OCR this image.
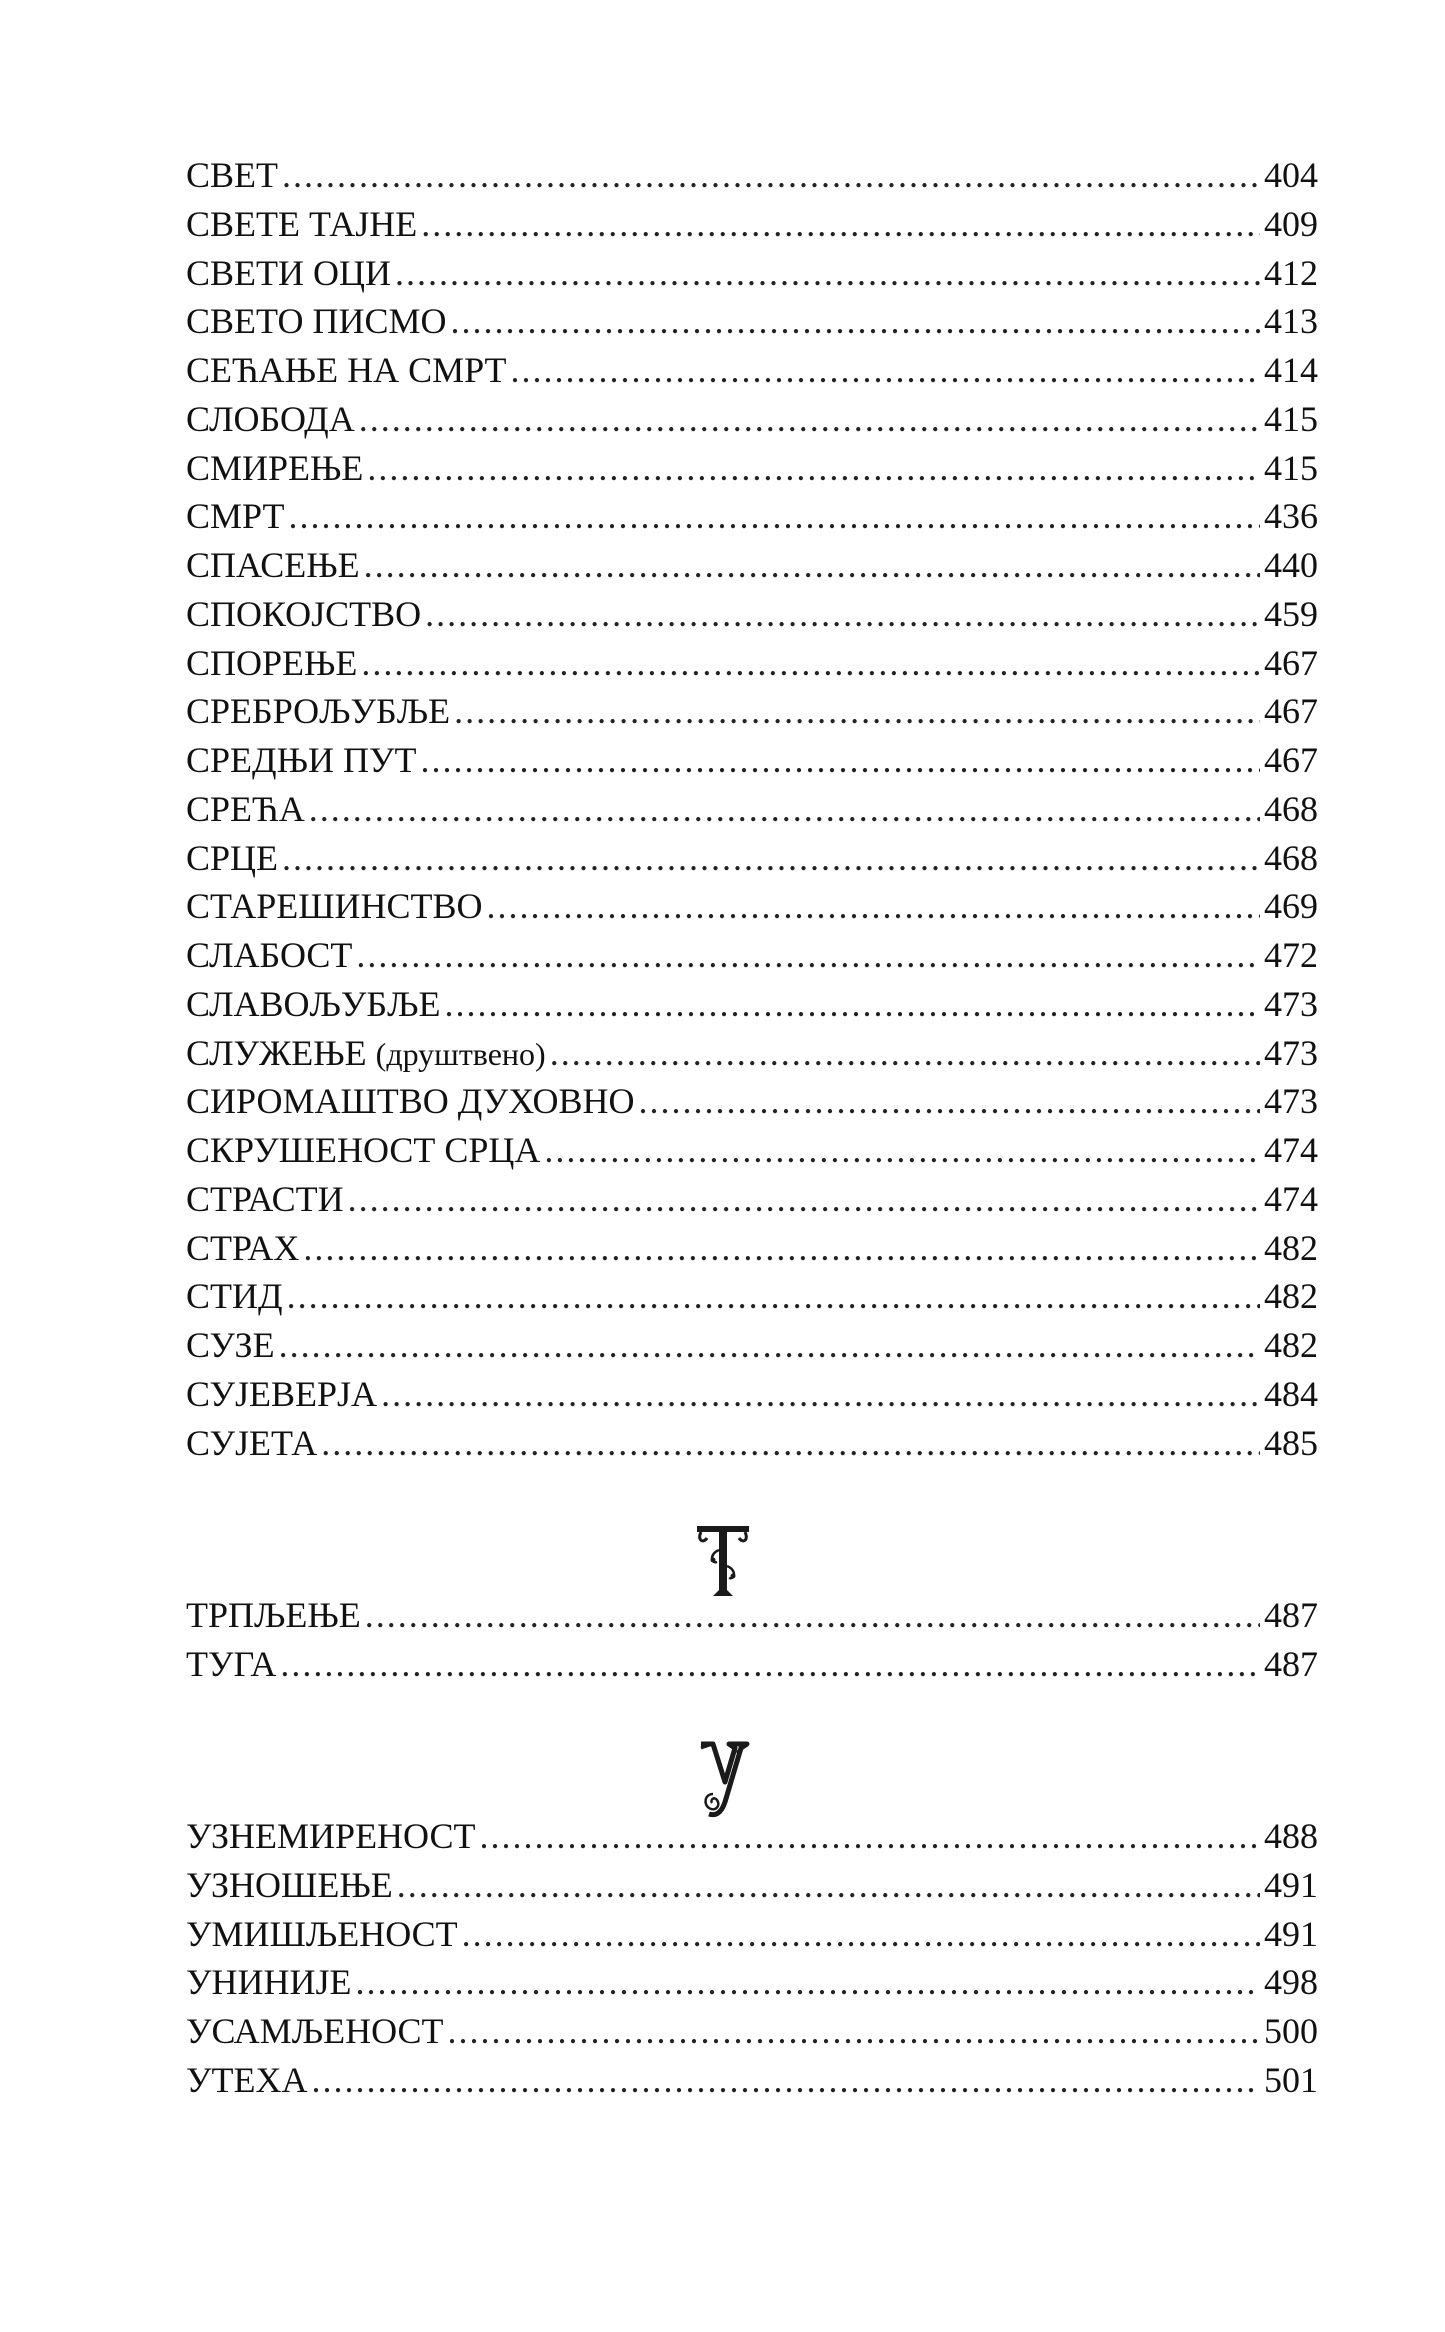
СВЕТ .....	404
СВЕТЕ ТАЈНЕ .....	409
СВЕТИ ОЦИ .....	412
СВЕТО ПИСМО .....	413
СЕЋАЊЕ НА СМРТ .....	414
СЛОБОДА .....	415
СМИРЕЊЕ .....	415
СМРТ .....	436
СПАСЕЊЕ .....	440
СПОКОЈСТВО .....	459
СПОРЕЊЕ .....	467
СРЕБРОЉУБЉЕ .....	467
СРЕДЊИ ПУТ .....	467
СРЕЋА .....	468
СРЦЕ .....	468
СТАРЕШИНСТВО .....	469
СЛАБОСТ .....	472
СЛАВОЉУБЉЕ .....	473
СЛУЖЕЊЕ (друштвено) .....	473
СИРОМАШТВО ДУХОВНО .....	473
СКРУШЕНОСТ СРЦА .....	474
СТРАСТИ .....	474
СТРАХ .....	482
СТИД .....	482
СУЗЕ .....	482
СУЈЕВЕРЈА .....	484
СУЈЕТА .....	485
ТРПЉЕЊЕ .....	487
ТУГА .....	487
УЗНЕМИРЕНОСТ .....	488
УЗНОШЕЊЕ .....	491
УМИШЉЕНОСТ .....	491
УНИНИЈЕ .....	498
УСАМЉЕНОСТ .....	500
УТЕХА .....	501
